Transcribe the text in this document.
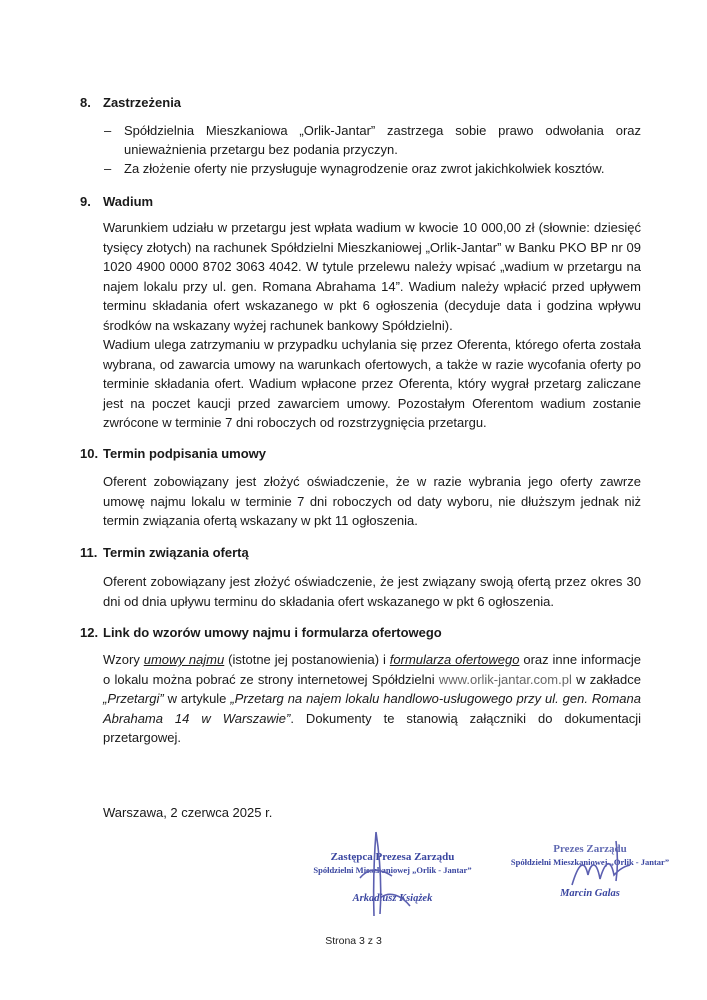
8. Zastrzeżenia
– Spółdzielnia Mieszkaniowa „Orlik-Jantar” zastrzega sobie prawo odwołania oraz unieważnienia przetargu bez podania przyczyn.
– Za złożenie oferty nie przysługuje wynagrodzenie oraz zwrot jakichkolwiek kosztów.
9. Wadium
Warunkiem udziału w przetargu jest wpłata wadium w kwocie 10 000,00 zł (słownie: dziesięć tysięcy złotych) na rachunek Spółdzielni Mieszkaniowej „Orlik-Jantar” w Banku PKO BP nr 09 1020 4900 0000 8702 3063 4042. W tytule przelewu należy wpisać „wadium w przetargu na najem lokalu przy ul. gen. Romana Abrahama 14”. Wadium należy wpłacić przed upływem terminu składania ofert wskazanego w pkt 6 ogłoszenia (decyduje data i godzina wpływu środków na wskazany wyżej rachunek bankowy Spółdzielni).
Wadium ulega zatrzymaniu w przypadku uchylania się przez Oferenta, którego oferta została wybrana, od zawarcia umowy na warunkach ofertowych, a także w razie wycofania oferty po terminie składania ofert. Wadium wpłacone przez Oferenta, który wygrał przetarg zaliczane jest na poczet kaucji przed zawarciem umowy. Pozostałym Oferentom wadium zostanie zwrócone w terminie 7 dni roboczych od rozstrzygnięcia przetargu.
10. Termin podpisania umowy
Oferent zobowiązany jest złożyć oświadczenie, że w razie wybrania jego oferty zawrze umowę najmu lokalu w terminie 7 dni roboczych od daty wyboru, nie dłuższym jednak niż termin związania ofertą wskazany w pkt 11 ogłoszenia.
11. Termin związania ofertą
Oferent zobowiązany jest złożyć oświadczenie, że jest związany swoją ofertą przez okres 30 dni od dnia upływu terminu do składania ofert wskazanego w pkt 6 ogłoszenia.
12. Link do wzorów umowy najmu i formularza ofertowego
Wzory umowy najmu (istotne jej postanowienia) i formularza ofertowego oraz inne informacje o lokalu można pobrać ze strony internetowej Spółdzielni www.orlik-jantar.com.pl w zakładce „Przetargi” w artykule „Przetarg na najem lokalu handlowo-usługowego przy ul. gen. Romana Abrahama 14 w Warszawie”. Dokumenty te stanowią załączniki do dokumentacji przetargowej.
Warszawa, 2 czerwca 2025 r.
Zastępca Prezesa Zarządu
Spółdzielni Mieszkaniowej „Orlik - Jantar”
Arkadiusz Książek
Prezes Zarządu
Spółdzielni Mieszkaniowej „Orlik - Jantar”
Marcin Galas
Strona 3 z 3
